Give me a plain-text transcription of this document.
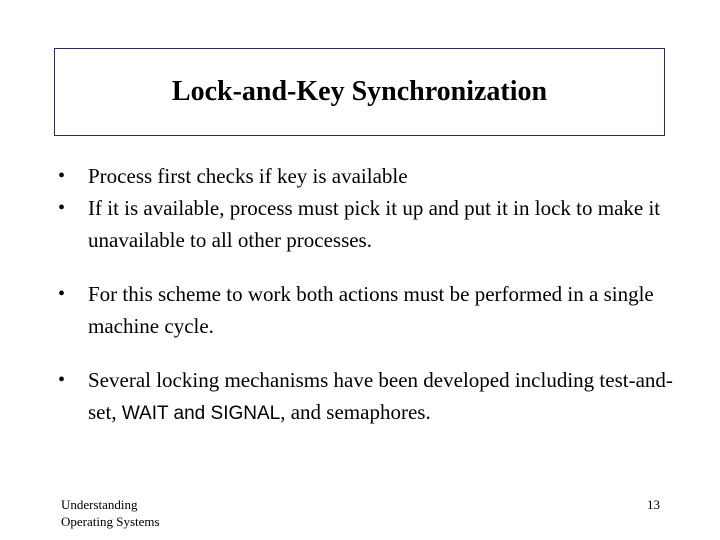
Lock-and-Key Synchronization
•	Process first checks if key is available
•	If it is available, process must pick it up and put it in lock to make it unavailable to all other processes.
•	For this scheme to work both actions must be performed in a single machine cycle.
•	Several locking mechanisms have been developed including test-and-set, WAIT and SIGNAL, and semaphores.
Understanding
Operating Systems
13
